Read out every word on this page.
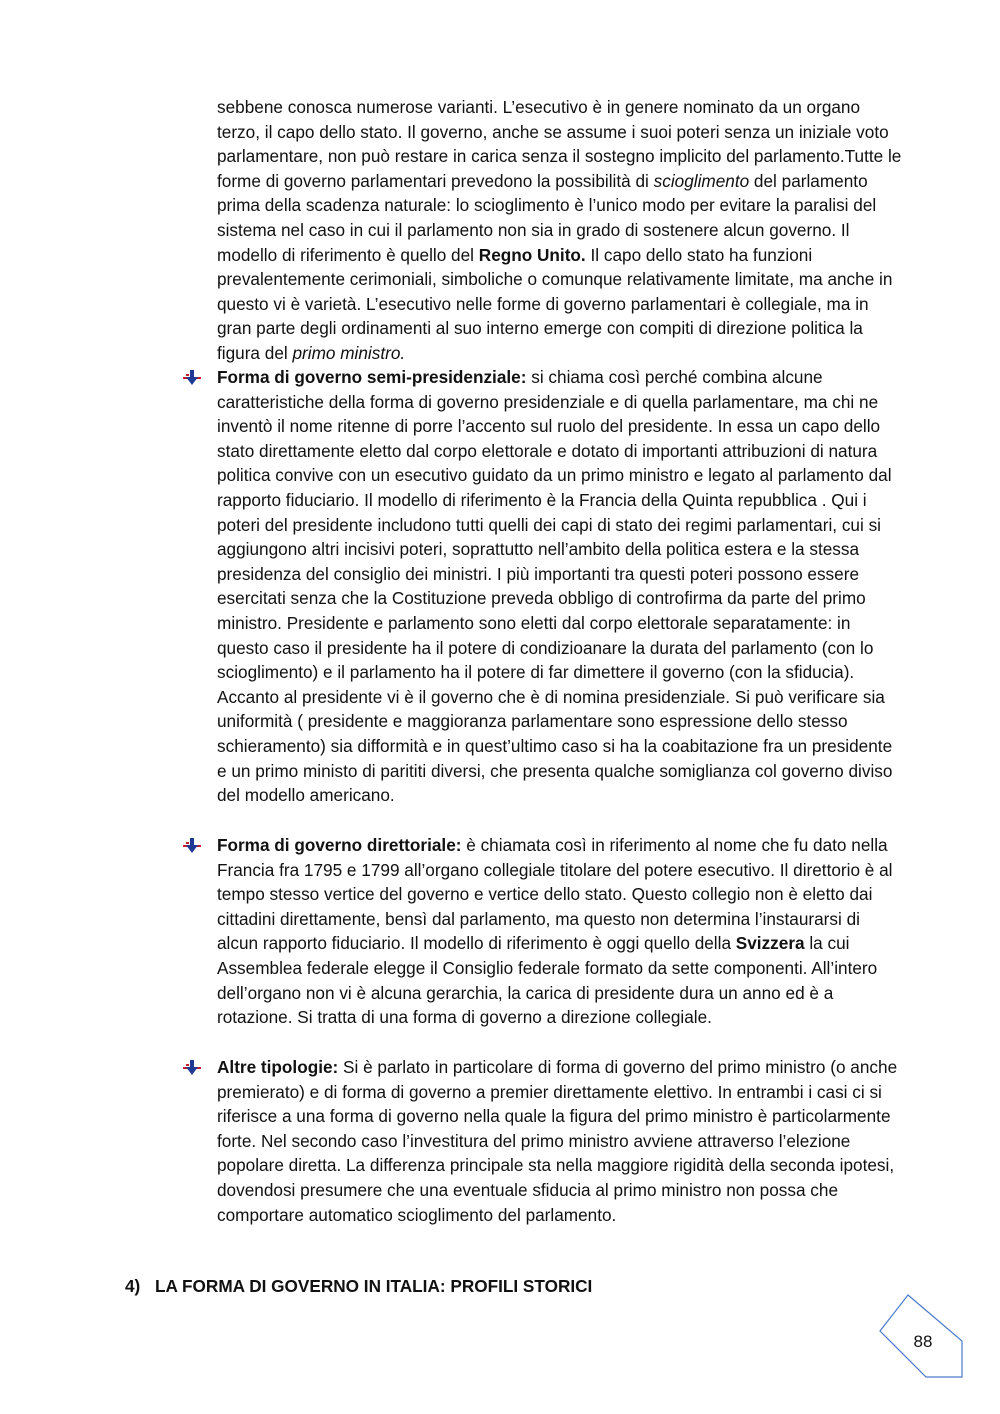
sebbene conosca numerose varianti. L’esecutivo è in genere nominato da un organo terzo, il capo dello stato. Il governo, anche se assume i suoi poteri senza un iniziale voto parlamentare, non può restare in carica senza il sostegno implicito del parlamento.Tutte le forme di governo parlamentari prevedono la possibilità di scioglimento del parlamento prima della scadenza naturale: lo scioglimento è l’unico modo per evitare la paralisi del sistema nel caso in cui il parlamento non sia in grado di sostenere alcun governo. Il modello di riferimento è quello del Regno Unito. Il capo dello stato ha funzioni prevalentemente cerimoniali, simboliche o comunque relativamente limitate, ma anche in questo vi è varietà. L’esecutivo nelle forme di governo parlamentari è collegiale, ma in gran parte degli ordinamenti al suo interno emerge con compiti di direzione politica la figura del primo ministro.

Forma di governo semi-presidenziale: si chiama così perché combina alcune caratteristiche della forma di governo presidenziale e di quella parlamentare, ma chi ne inventò il nome ritenne di porre l’accento sul ruolo del presidente. In essa un capo dello stato direttamente eletto dal corpo elettorale e dotato di importanti attribuzioni di natura politica convive con un esecutivo guidato da un primo ministro e legato al parlamento dal rapporto fiduciario. Il modello di riferimento è la Francia della Quinta repubblica . Qui i poteri del presidente includono tutti quelli dei capi di stato dei regimi parlamentari, cui si aggiungono altri incisivi poteri, soprattutto nell’ambito della politica estera e la stessa presidenza del consiglio dei ministri. I più importanti tra questi poteri possono essere esercitati senza che la Costituzione preveda obbligo di controfirma da parte del primo ministro. Presidente e parlamento sono eletti dal corpo elettorale separatamente: in questo caso il presidente ha il potere di condizioanare la durata del parlamento (con lo scioglimento) e il parlamento ha il potere di far dimettere il governo (con la sfiducia). Accanto al presidente vi è il governo che è di nomina presidenziale. Si può verificare sia uniformità ( presidente e maggioranza parlamentare sono espressione dello stesso schieramento) sia difformità e in quest’ultimo caso si ha la coabitazione fra un presidente e un primo ministo di parititi diversi, che presenta qualche somiglianza col governo diviso del modello americano.

Forma di governo direttoriale: è chiamata così in riferimento al nome che fu dato nella Francia fra 1795 e 1799 all’organo collegiale titolare del potere esecutivo. Il direttorio è al tempo stesso vertice del governo e vertice dello stato. Questo collegio non è eletto dai cittadini direttamente, bensì dal parlamento, ma questo non determina l’instaurarsi di alcun rapporto fiduciario. Il modello di riferimento è oggi quello della Svizzera la cui Assemblea federale elegge il Consiglio federale formato da sette componenti. All’intero dell’organo non vi è alcuna gerarchia, la carica di presidente dura un anno ed è a rotazione. Si tratta di una forma di governo a direzione collegiale.

Altre tipologie: Si è parlato in particolare di forma di governo del primo ministro (o anche premierato) e di forma di governo a premier direttamente elettivo. In entrambi i casi ci si riferisce a una forma di governo nella quale la figura del primo ministro è particolarmente forte. Nel secondo caso l’investitura del primo ministro avviene attraverso l’elezione popolare diretta. La differenza principale sta nella maggiore rigidità della seconda ipotesi, dovendosi presumere che una eventuale sfiducia al primo ministro non possa che comportare automatico scioglimento del parlamento.

4) LA FORMA DI GOVERNO IN ITALIA: PROFILI STORICI

88
